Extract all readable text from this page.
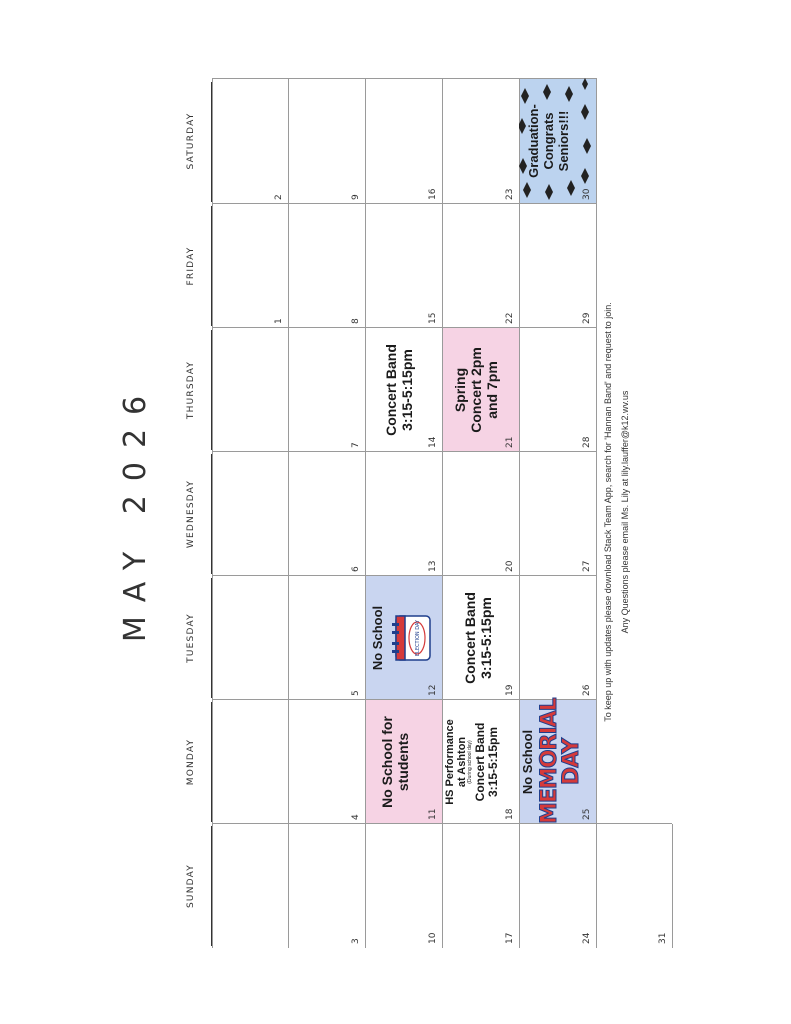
MAY 2026
SUNDAY
MONDAY
TUESDAY
WEDNESDAY
THURSDAY
FRIDAY
SATURDAY
1
2
3
4
5
6
7
8
9
10
No School for students
11
No School	ELECTION DAY
12
13
Concert Band 3:15-5:15pm
14
15
16
17
HS Performance at Ashton (During school day) Concert Band 3:15-5:15pm
18
Concert Band 3:15-5:15pm
19
20
Spring Concert 2pm and 7pm
21
22
23
24
No School MEMORIAL
DAY
25
26
27
28
29
Graduation- Congrats Seniors!!!
30
31
To keep up with updates please download Stack Team App, search for 'Hannan Band' and request to join. Any Questions please email Ms. Lily at lily.lauffer@k12.wv.us
